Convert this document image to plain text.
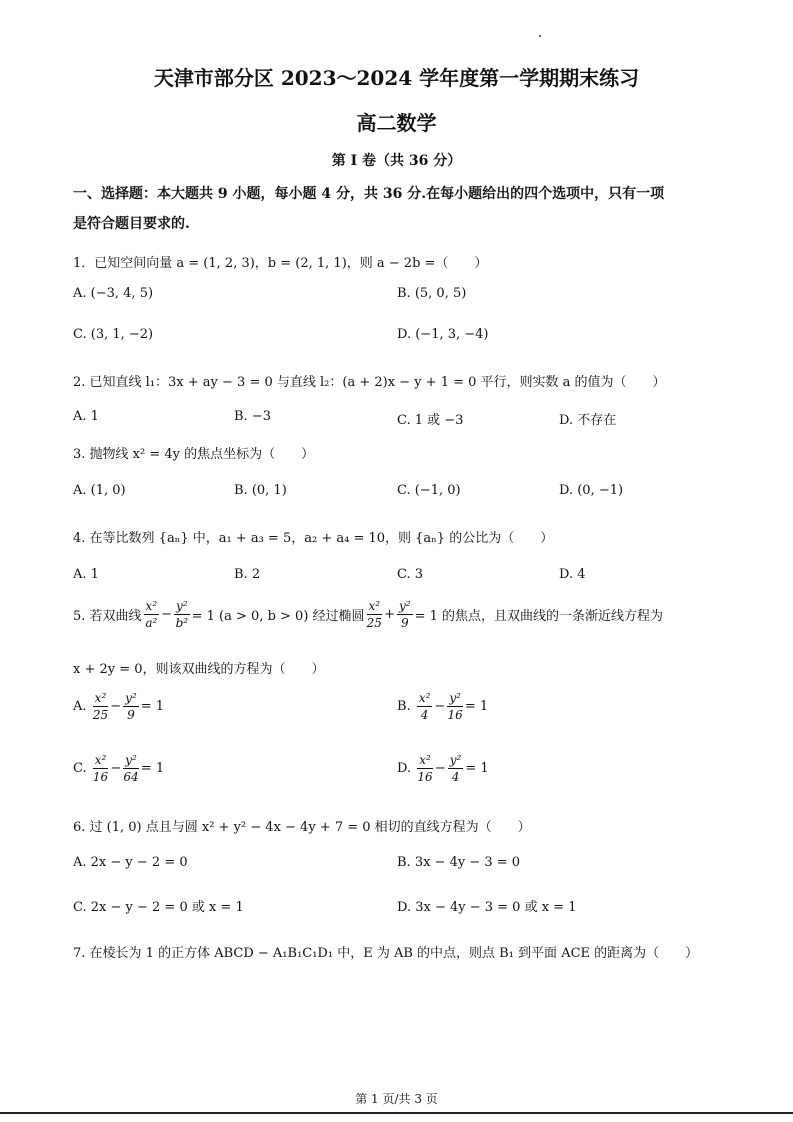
天津市部分区 2023～2024 学年度第一学期期末练习
高二数学
第 I 卷（共 36 分）
一、选择题：本大题共 9 小题，每小题 4 分，共 36 分.在每小题给出的四个选项中，只有一项
是符合题目要求的.
1．已知空间向量 a = (1, 2, 3)，b = (2, 1, 1)，则 a − 2b =（　　）
A. (−3, 4, 5)	B. (5, 0, 5)
C. (3, 1, −2)	D. (−1, 3, −4)
2. 已知直线 l₁：3x + ay − 3 = 0 与直线 l₂：(a + 2)x − y + 1 = 0 平行，则实数 a 的值为（　　）
A. 1	B. −3	C. 1 或 −3	D. 不存在
3. 抛物线 x² = 4y 的焦点坐标为（　　）
A. (1, 0)	B. (0, 1)	C. (−1, 0)	D. (0, −1)
4. 在等比数列 {aₙ} 中，a₁ + a₃ = 5，a₂ + a₄ = 10，则 {aₙ} 的公比为（　　）
A. 1	B. 2	C. 3	D. 4
5. 若双曲线 $\frac{\text{x²}}{\text{a²}} - \frac{\text{y²}}{\text{b²}} = 1$ (a > 0, b > 0) 经过椭圆 $\frac{\text{x²}}{25} + \frac{\text{y²}}{9} = 1$ 的焦点，且双曲线的一条渐近线方程为
x + 2y = 0，则该双曲线的方程为（　　）
A.
$\frac{\text{x²}}{25} - \frac{\text{y²}}{9} = 1$	B.
$\frac{\text{x²}}{4} - \frac{\text{y²}}{16} = 1$
C.
$\frac{\text{x²}}{16} - \frac{\text{y²}}{64} = 1$	D.
$\frac{\text{x²}}{16} - \frac{\text{y²}}{4} = 1$
6. 过 (1, 0) 点且与圆 x² + y² − 4x − 4y + 7 = 0 相切的直线方程为（　　）
A. 2x − y − 2 = 0	B. 3x − 4y − 3 = 0
C. 2x − y − 2 = 0 或 x = 1	D. 3x − 4y − 3 = 0 或 x = 1
7. 在棱长为 1 的正方体 ABCD − A₁B₁C₁D₁ 中，E 为 AB 的中点，则点 B₁ 到平面 ACE 的距离为（　　）
第 1 页/共 3 页
